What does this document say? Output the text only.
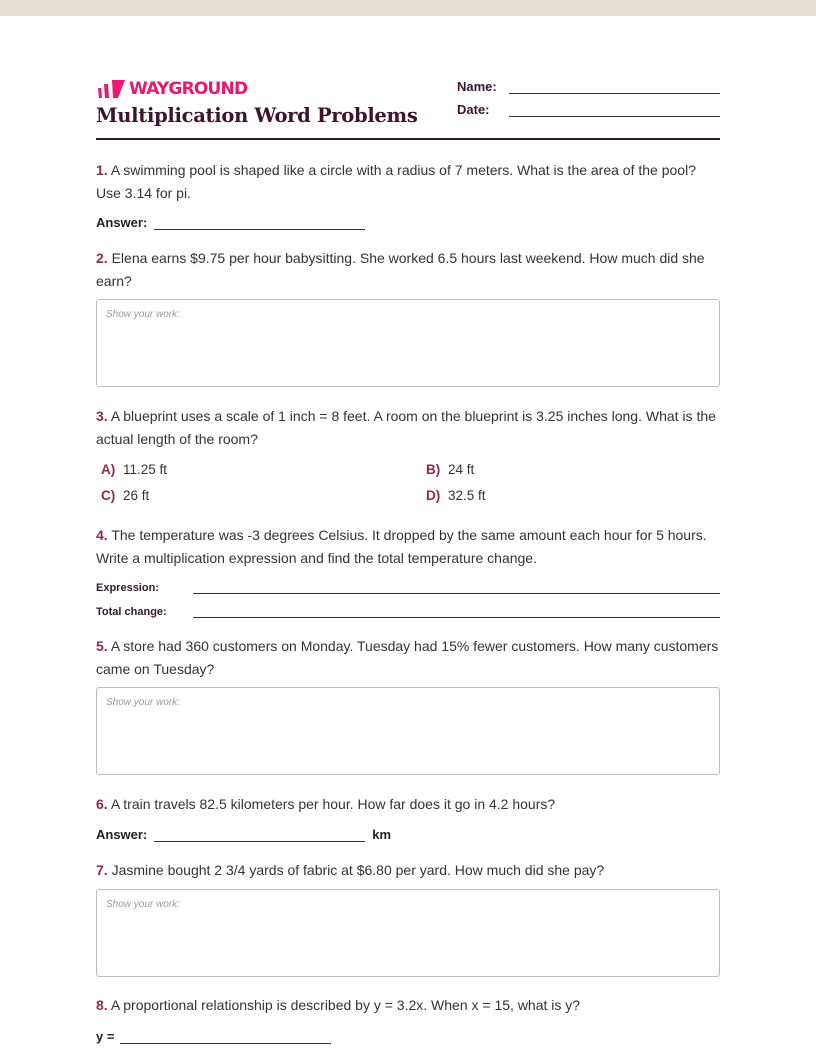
WAYGROUND
Multiplication Word Problems
Name:
Date:
1. A swimming pool is shaped like a circle with a radius of 7 meters. What is the area of the pool? Use 3.14 for pi.
Answer:
2. Elena earns $9.75 per hour babysitting. She worked 6.5 hours last weekend. How much did she earn?
Show your work:
3. A blueprint uses a scale of 1 inch = 8 feet. A room on the blueprint is 3.25 inches long. What is the actual length of the room?
A) 11.25 ft	B) 24 ft
C) 26 ft	D) 32.5 ft
4. The temperature was -3 degrees Celsius. It dropped by the same amount each hour for 5 hours. Write a multiplication expression and find the total temperature change.
Expression:
Total change:
5. A store had 360 customers on Monday. Tuesday had 15% fewer customers. How many customers came on Tuesday?
Show your work:
6. A train travels 82.5 kilometers per hour. How far does it go in 4.2 hours?
Answer:	km
7. Jasmine bought 2 3/4 yards of fabric at $6.80 per yard. How much did she pay?
Show your work:
8. A proportional relationship is described by y = 3.2x. When x = 15, what is y?
y =
